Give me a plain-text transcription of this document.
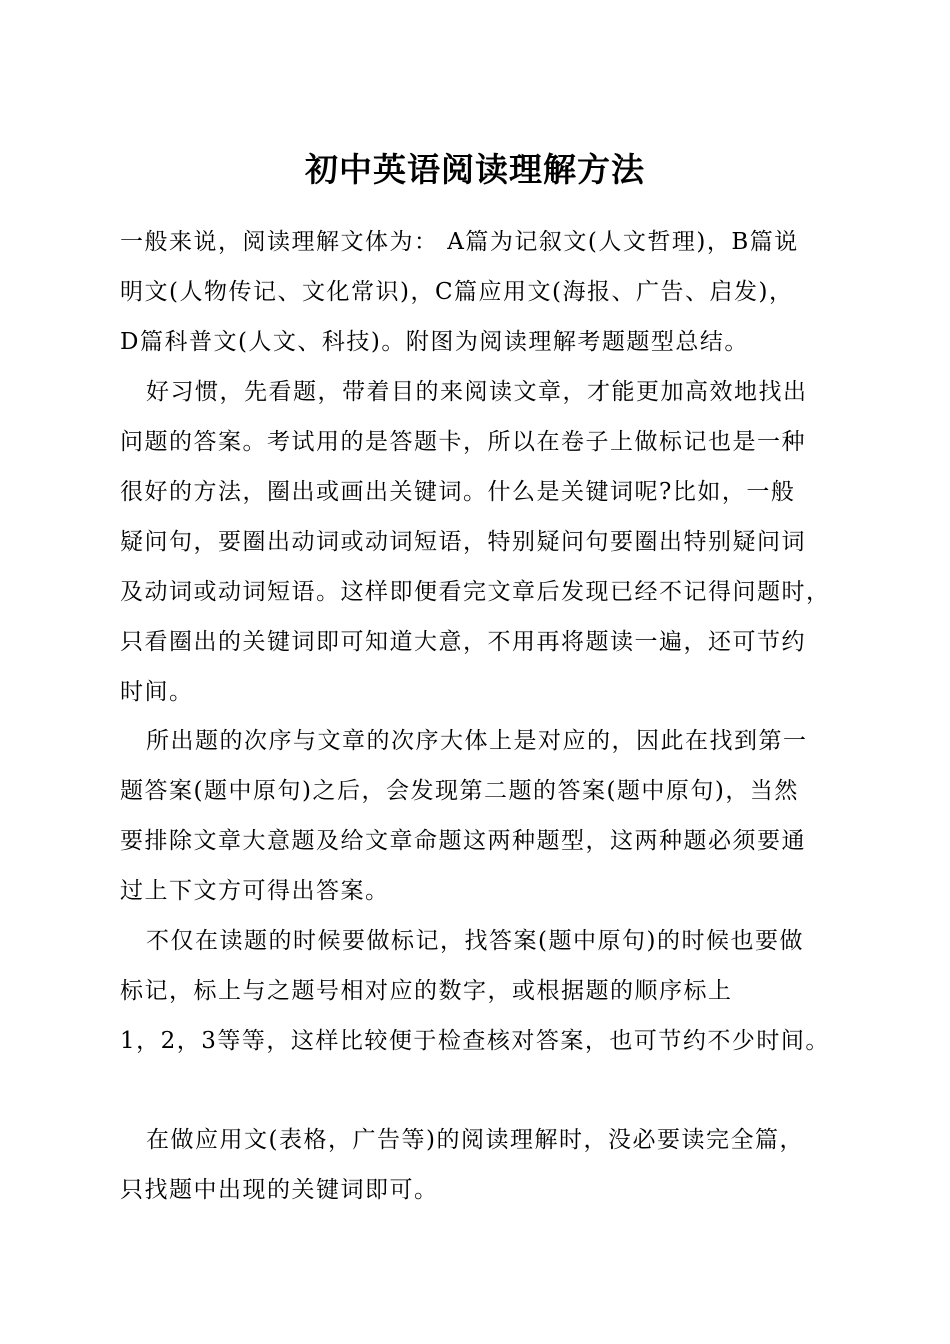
初中英语阅读理解方法
一般来说，阅读理解文体为： A篇为记叙文(人文哲理)，B篇说
明文(人物传记、文化常识)，C篇应用文(海报、广告、启发)，
D篇科普文(人文、科技)。附图为阅读理解考题题型总结。
好习惯，先看题，带着目的来阅读文章，才能更加高效地找出
问题的答案。考试用的是答题卡，所以在卷子上做标记也是一种
很好的方法，圈出或画出关键词。什么是关键词呢?比如，一般
疑问句，要圈出动词或动词短语，特别疑问句要圈出特别疑问词
及动词或动词短语。这样即便看完文章后发现已经不记得问题时，
只看圈出的关键词即可知道大意，不用再将题读一遍，还可节约
时间。
所出题的次序与文章的次序大体上是对应的，因此在找到第一
题答案(题中原句)之后，会发现第二题的答案(题中原句)，当然
要排除文章大意题及给文章命题这两种题型，这两种题必须要通
过上下文方可得出答案。
不仅在读题的时候要做标记，找答案(题中原句)的时候也要做
标记，标上与之题号相对应的数字，或根据题的顺序标上
1，2，3等等，这样比较便于检查核对答案，也可节约不少时间。
在做应用文(表格，广告等)的阅读理解时，没必要读完全篇，
只找题中出现的关键词即可。
